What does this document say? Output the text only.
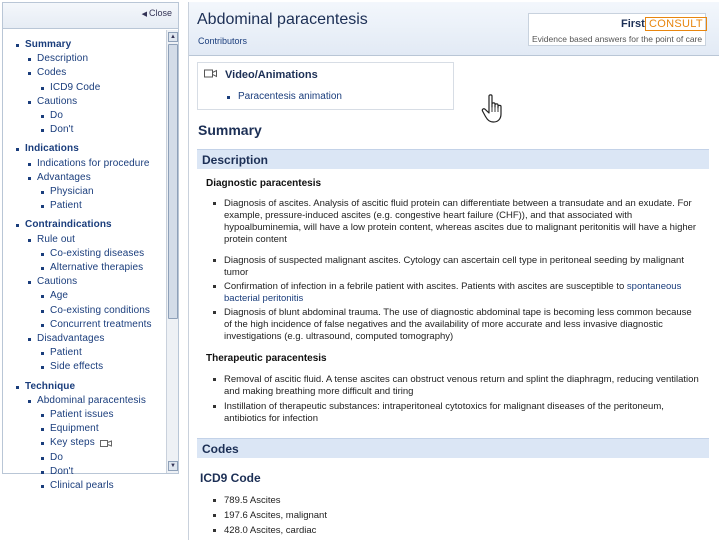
◀ Close
Summary
Description
Codes
ICD9 Code
Cautions
Do
Don't
Indications
Indications for procedure
Advantages
Physician
Patient
Contraindications
Rule out
Co-existing diseases
Alternative therapies
Cautions
Age
Co-existing conditions
Concurrent treatments
Disadvantages
Patient
Side effects
Technique
Abdominal paracentesis
Patient issues
Equipment
Key steps
Do
Don't
Clinical pearls
▲
▼
Abdominal paracentesis
Contributors
First CONSULT
Evidence based answers for the point of care
Video/Animations
Paracentesis animation
Summary
Description
Diagnostic paracentesis
Diagnosis of ascites. Analysis of ascitic fluid protein can differentiate between a transudate and an exudate. For example, pressure-induced ascites (e.g. congestive heart failure (CHF)), and that associated with hypoalbuminemia, will have a low protein content, whereas ascites due to malignant peritonitis will have a higher protein content
Diagnosis of suspected malignant ascites. Cytology can ascertain cell type in peritoneal seeding by malignant tumor
Confirmation of infection in a febrile patient with ascites. Patients with ascites are susceptible to spontaneous bacterial peritonitis
Diagnosis of blunt abdominal trauma. The use of diagnostic abdominal tape is becoming less common because of the high incidence of false negatives and the availability of more accurate and less invasive diagnostic investigations (e.g. ultrasound, computed tomography)
Therapeutic paracentesis
Removal of ascitic fluid. A tense ascites can obstruct venous return and splint the diaphragm, reducing ventilation and making breathing more difficult and tiring
Instillation of therapeutic substances: intraperitoneal cytotoxics for malignant diseases of the peritoneum, antibiotics for infection
Codes
ICD9 Code
789.5 Ascites
197.6 Ascites, malignant
428.0 Ascites, cardiac
